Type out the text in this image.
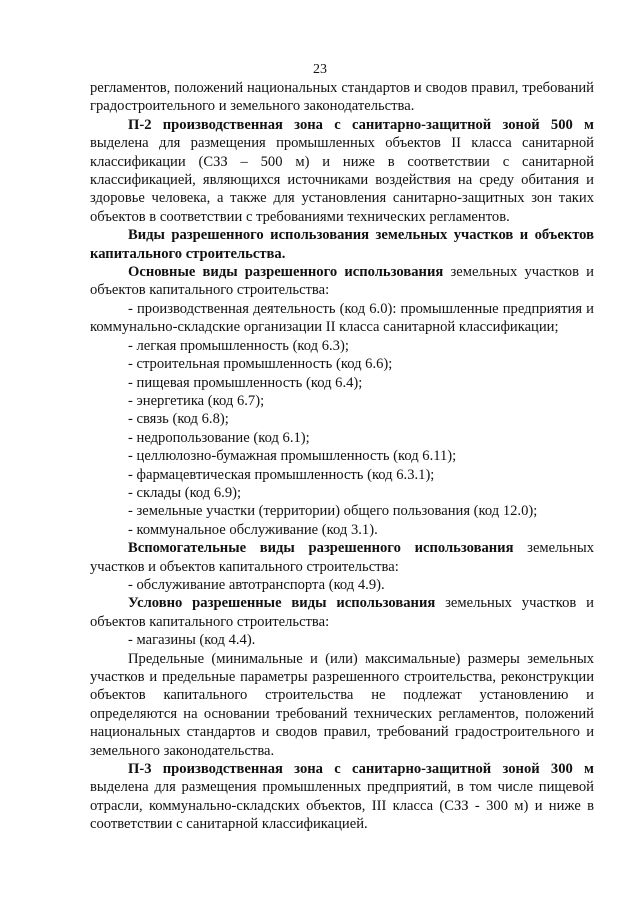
23

регламентов, положений национальных стандартов и сводов правил, требований градостроительного и земельного законодательства.

П-2 производственная зона с санитарно-защитной зоной 500 м выделена для размещения промышленных объектов II класса санитарной классификации (СЗЗ – 500 м) и ниже в соответствии с санитарной классификацией, являющихся источниками воздействия на среду обитания и здоровье человека, а также для установления санитарно-защитных зон таких объектов в соответствии с требованиями технических регламентов.

Виды разрешенного использования земельных участков и объектов капитального строительства.

Основные виды разрешенного использования земельных участков и объектов капитального строительства:

- производственная деятельность (код 6.0): промышленные предприятия и коммунально-складские организации II класса санитарной классификации;

- легкая промышленность (код 6.3);

- строительная промышленность (код 6.6);

- пищевая промышленность (код 6.4);

- энергетика (код 6.7);

- связь (код 6.8);

- недропользование (код 6.1);

- целлюлозно-бумажная промышленность (код 6.11);

- фармацевтическая промышленность (код 6.3.1);

- склады (код 6.9);

- земельные участки (территории) общего пользования (код 12.0);

- коммунальное обслуживание (код 3.1).

Вспомогательные виды разрешенного использования земельных участков и объектов капитального строительства:

- обслуживание автотранспорта (код 4.9).

Условно разрешенные виды использования земельных участков и объектов капитального строительства:

- магазины (код 4.4).

Предельные (минимальные и (или) максимальные) размеры земельных участков и предельные параметры разрешенного строительства, реконструкции объектов капитального строительства не подлежат установлению и определяются на основании требований технических регламентов, положений национальных стандартов и сводов правил, требований градостроительного и земельного законодательства.

П-3 производственная зона с санитарно-защитной зоной 300 м выделена для размещения промышленных предприятий, в том числе пищевой отрасли, коммунально-складских объектов, III класса (СЗЗ - 300 м) и ниже в соответствии с санитарной классификацией.
